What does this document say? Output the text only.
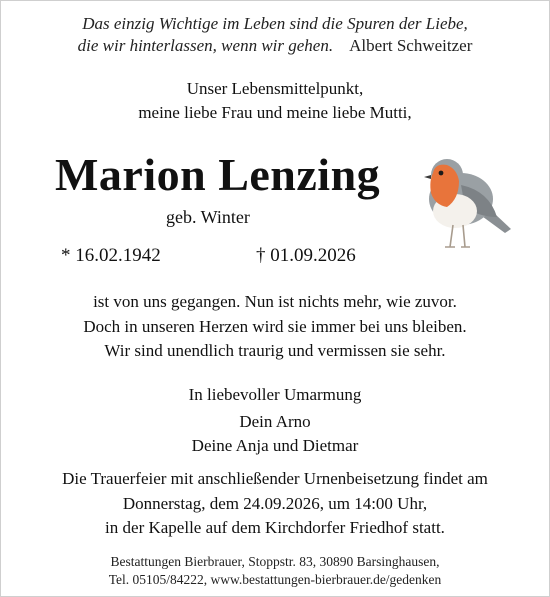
Das einzig Wichtige im Leben sind die Spuren der Liebe,
die wir hinterlassen, wenn wir gehen. Albert Schweitzer
Unser Lebensmittelpunkt,
meine liebe Frau und meine liebe Mutti,
Marion Lenzing
geb. Winter
* 16.02.1942	† 01.09.2026
ist von uns gegangen. Nun ist nichts mehr, wie zuvor.
Doch in unseren Herzen wird sie immer bei uns bleiben.
Wir sind unendlich traurig und vermissen sie sehr.
In liebevoller Umarmung
Dein Arno
Deine Anja und Dietmar
Die Trauerfeier mit anschließender Urnenbeisetzung findet am
Donnerstag, dem 24.09.2026, um 14:00 Uhr,
in der Kapelle auf dem Kirchdorfer Friedhof statt.
Bestattungen Bierbrauer, Stoppstr. 83, 30890 Barsinghausen,
Tel. 05105/84222, www.bestattungen-bierbrauer.de/gedenken
